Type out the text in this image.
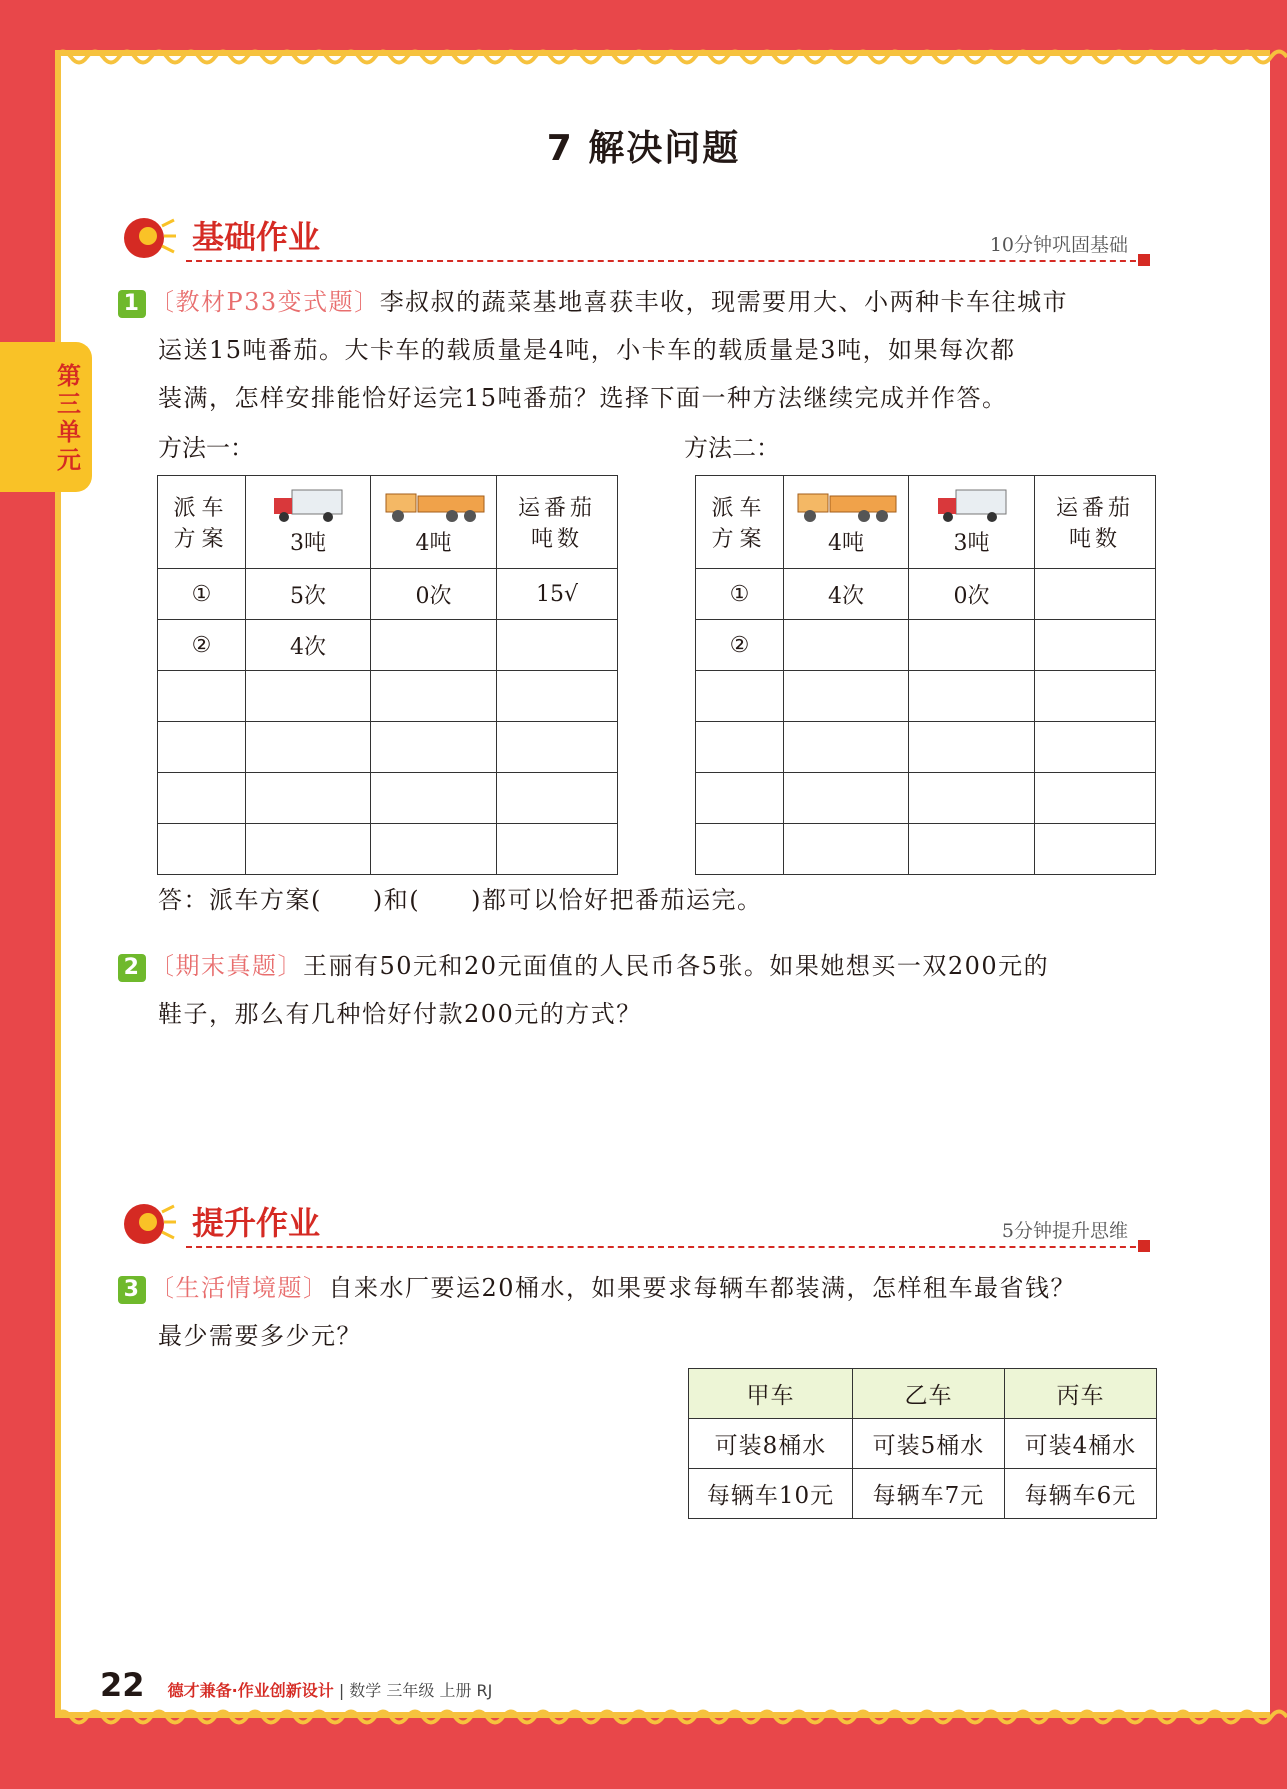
第三单元
7 解决问题
基础作业	10分钟巩固基础
1 〔教材P33变式题〕李叔叔的蔬菜基地喜获丰收，现需要用大、小两种卡车往城市
运送15吨番茄。大卡车的载质量是4吨，小卡车的载质量是3吨，如果每次都
装满，怎样安排能恰好运完15吨番茄？选择下面一种方法继续完成并作答。
方法一：	方法二：
派车方案	3吨	4吨	运番茄吨数
①	5次	0次	15√
②	4次		

派车方案	4吨	3吨	运番茄吨数
①	4次	0次	
②			

答：派车方案(　　)和(　　)都可以恰好把番茄运完。
2 〔期末真题〕王丽有50元和20元面值的人民币各5张。如果她想买一双200元的
鞋子，那么有几种恰好付款200元的方式？
提升作业	5分钟提升思维
3 〔生活情境题〕自来水厂要运20桶水，如果要求每辆车都装满，怎样租车最省钱？
最少需要多少元？
甲车	乙车	丙车
可装8桶水	可装5桶水	可装4桶水
每辆车10元	每辆车7元	每辆车6元
22 德才兼备·作业创新设计 | 数学 三年级 上册 RJ
